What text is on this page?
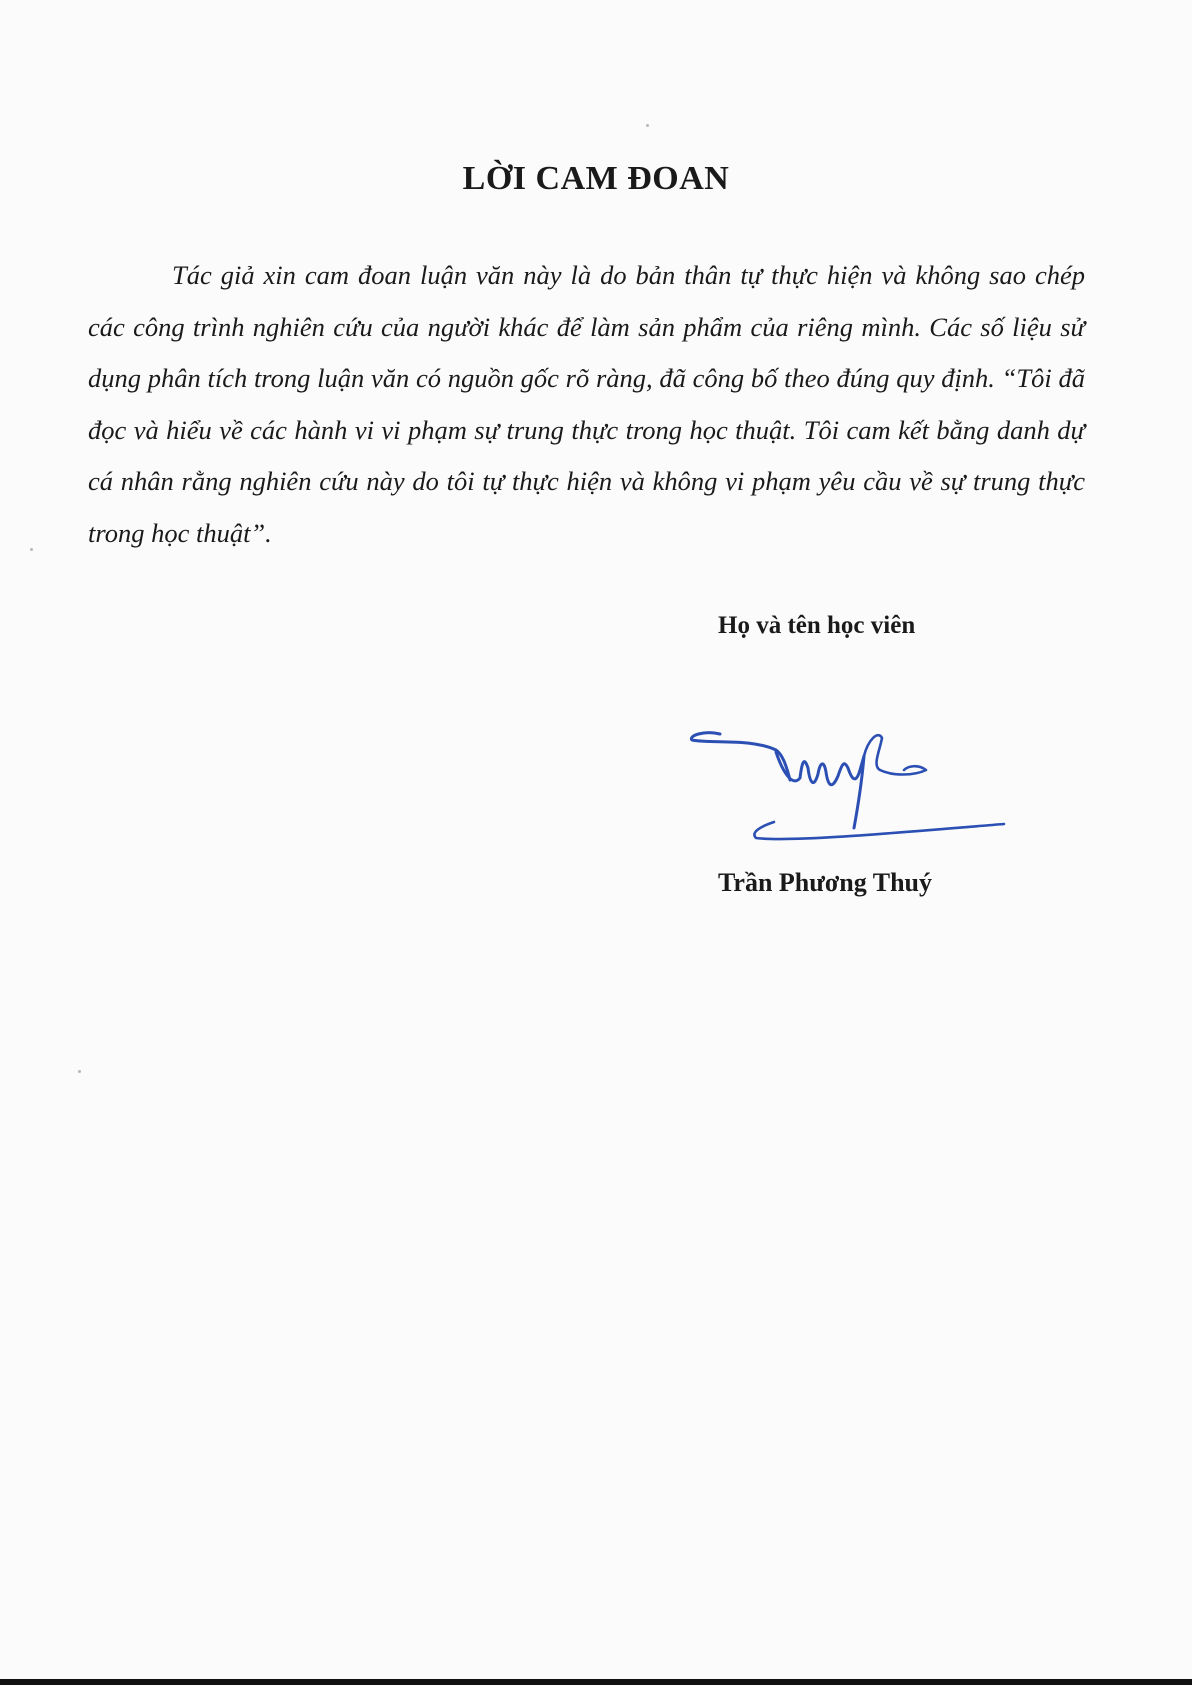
LỜI CAM ĐOAN

Tác giả xin cam đoan luận văn này là do bản thân tự thực hiện và không sao chép các công trình nghiên cứu của người khác để làm sản phẩm của riêng mình. Các số liệu sử dụng phân tích trong luận văn có nguồn gốc rõ ràng, đã công bố theo đúng quy định. “Tôi đã đọc và hiểu về các hành vi vi phạm sự trung thực trong học thuật. Tôi cam kết bằng danh dự cá nhân rằng nghiên cứu này do tôi tự thực hiện và không vi phạm yêu cầu về sự trung thực trong học thuật”.

Họ và tên học viên

Trần Phương Thuý
